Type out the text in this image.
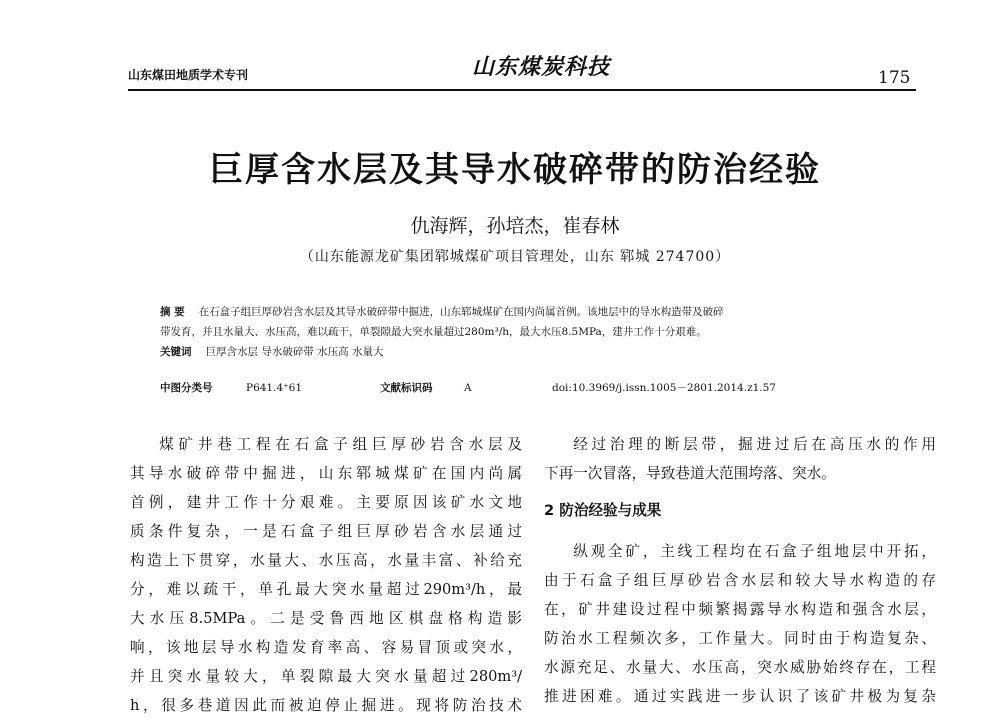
山东煤田地质学术专刊	山东煤炭科技	175
巨厚含水层及其导水破碎带的防治经验
仇海辉，孙培杰，崔春林
（山东能源龙矿集团郓城煤矿项目管理处，山东 郓城 274700）
摘 要 在石盒子组巨厚砂岩含水层及其导水破碎带中掘进，山东郓城煤矿在国内尚属首例。该地层中的导水构造带及破碎
带发育，并且水量大、水压高，难以疏干，单裂隙最大突水量超过280m³/h，最大水压8.5MPa，建井工作十分艰难。
关键词 巨厚含水层 导水破碎带 水压高 水量大
中图分类号	P641.4⁺61	文献标识码	A	doi:10.3969/j.issn.1005－2801.2014.z1.57

煤矿井巷工程在石盒子组巨厚砂岩含水层及

其导水破碎带中掘进，山东郓城煤矿在国内尚属

首例，建井工作十分艰难。主要原因该矿水文地

质条件复杂，一是石盒子组巨厚砂岩含水层通过

构造上下贯穿，水量大、水压高，水量丰富、补给充

分，难以疏干，单孔最大突水量超过290m³/h，最

大水压8.5MPa。二是受鲁西地区棋盘格构造影

响，该地层导水构造发育率高、容易冒顶或突水，

并且突水量较大，单裂隙最大突水量超过280m³/

h，很多巷道因此而被迫停止掘进。现将防治技术

经过治理的断层带，掘进过后在高压水的作用

下再一次冒落，导致巷道大范围垮落、突水。

2 防治经验与成果

纵观全矿，主线工程均在石盒子组地层中开拓，

由于石盒子组巨厚砂岩含水层和较大导水构造的存

在，矿井建设过程中频繁揭露导水构造和强含水层，

防治水工程频次多，工作量大。同时由于构造复杂、

水源充足、水量大、水压高，突水威胁始终存在，工程

推进困难。通过实践进一步认识了该矿井极为复杂
